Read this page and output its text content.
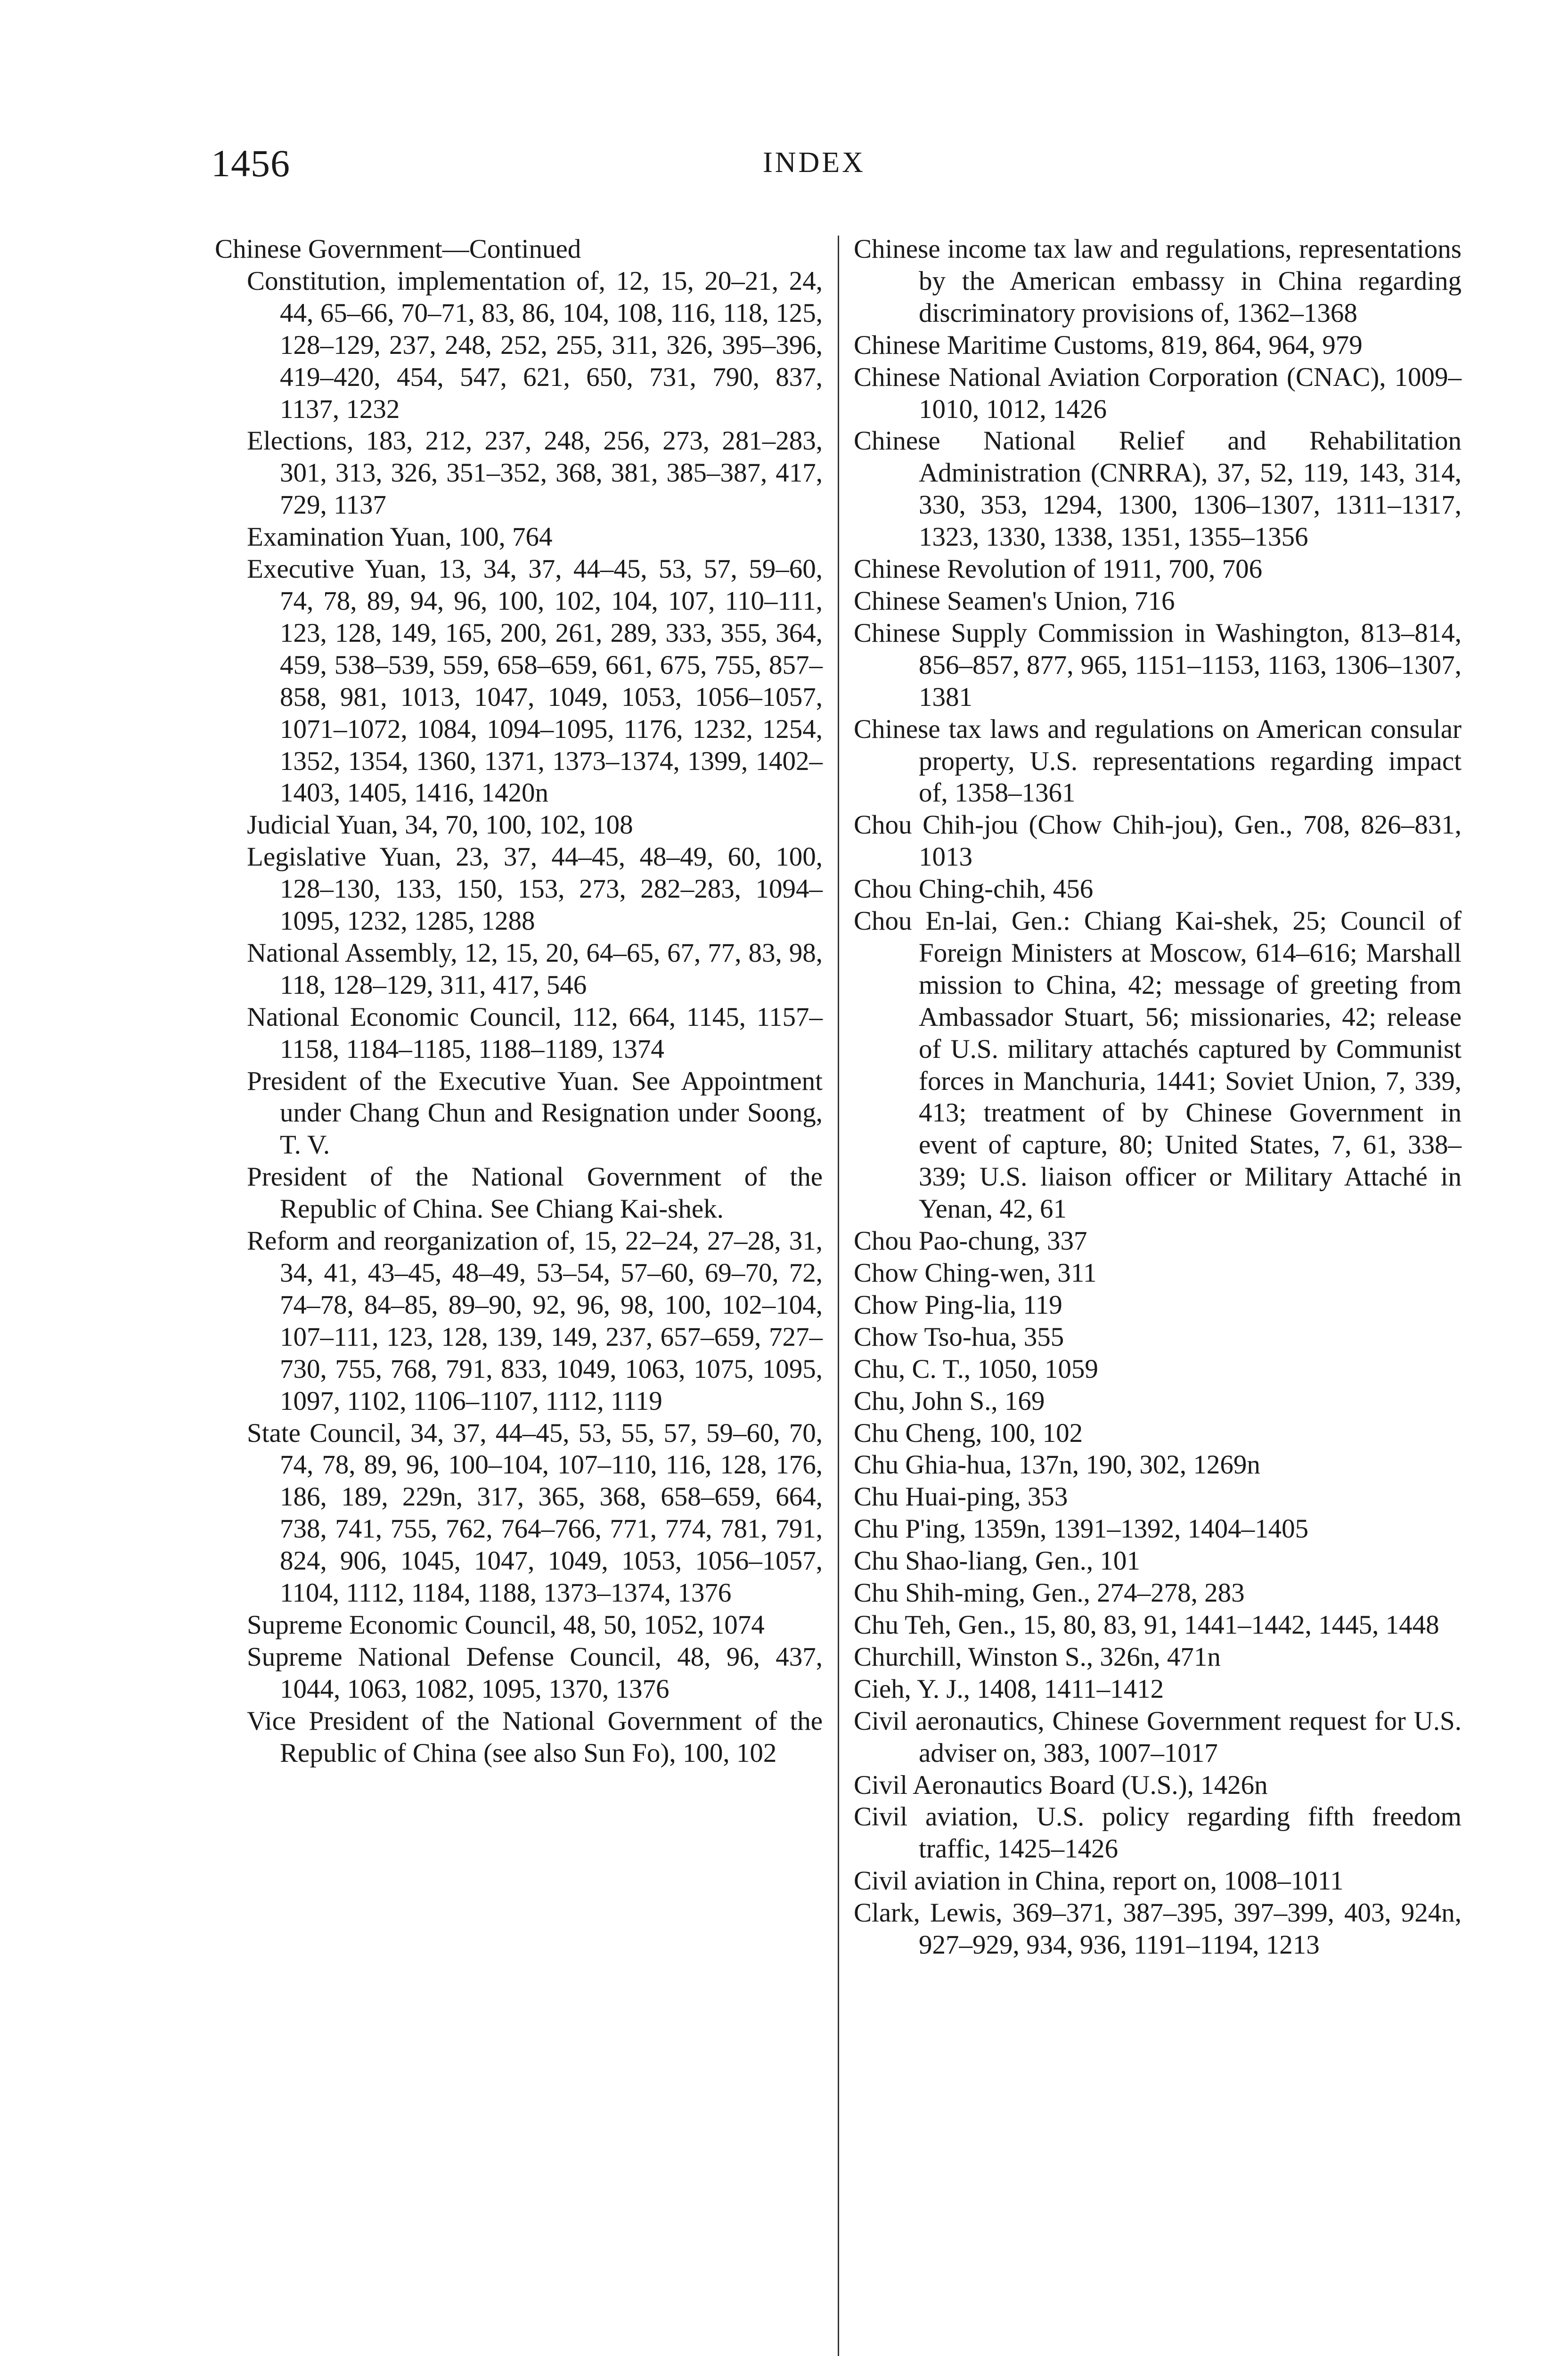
1456	INDEX
Chinese Government—Continued
Constitution, implementation of, 12, 15, 20–21, 24, 44, 65–66, 70–71, 83, 86, 104, 108, 116, 118, 125, 128–129, 237, 248, 252, 255, 311, 326, 395–396, 419–420, 454, 547, 621, 650, 731, 790, 837, 1137, 1232
Elections, 183, 212, 237, 248, 256, 273, 281–283, 301, 313, 326, 351–352, 368, 381, 385–387, 417, 729, 1137
Examination Yuan, 100, 764
Executive Yuan, 13, 34, 37, 44–45, 53, 57, 59–60, 74, 78, 89, 94, 96, 100, 102, 104, 107, 110–111, 123, 128, 149, 165, 200, 261, 289, 333, 355, 364, 459, 538–539, 559, 658–659, 661, 675, 755, 857–858, 981, 1013, 1047, 1049, 1053, 1056–1057, 1071–1072, 1084, 1094–1095, 1176, 1232, 1254, 1352, 1354, 1360, 1371, 1373–1374, 1399, 1402–1403, 1405, 1416, 1420n
Judicial Yuan, 34, 70, 100, 102, 108
Legislative Yuan, 23, 37, 44–45, 48–49, 60, 100, 128–130, 133, 150, 153, 273, 282–283, 1094–1095, 1232, 1285, 1288
National Assembly, 12, 15, 20, 64–65, 67, 77, 83, 98, 118, 128–129, 311, 417, 546
National Economic Council, 112, 664, 1145, 1157–1158, 1184–1185, 1188–1189, 1374
President of the Executive Yuan. See Appointment under Chang Chun and Resignation under Soong, T. V.
President of the National Government of the Republic of China. See Chiang Kai-shek.
Reform and reorganization of, 15, 22–24, 27–28, 31, 34, 41, 43–45, 48–49, 53–54, 57–60, 69–70, 72, 74–78, 84–85, 89–90, 92, 96, 98, 100, 102–104, 107–111, 123, 128, 139, 149, 237, 657–659, 727–730, 755, 768, 791, 833, 1049, 1063, 1075, 1095, 1097, 1102, 1106–1107, 1112, 1119
State Council, 34, 37, 44–45, 53, 55, 57, 59–60, 70, 74, 78, 89, 96, 100–104, 107–110, 116, 128, 176, 186, 189, 229n, 317, 365, 368, 658–659, 664, 738, 741, 755, 762, 764–766, 771, 774, 781, 791, 824, 906, 1045, 1047, 1049, 1053, 1056–1057, 1104, 1112, 1184, 1188, 1373–1374, 1376
Supreme Economic Council, 48, 50, 1052, 1074
Supreme National Defense Council, 48, 96, 437, 1044, 1063, 1082, 1095, 1370, 1376
Vice President of the National Government of the Republic of China (see also Sun Fo), 100, 102
Chinese income tax law and regulations, representations by the American embassy in China regarding discriminatory provisions of, 1362–1368
Chinese Maritime Customs, 819, 864, 964, 979
Chinese National Aviation Corporation (CNAC), 1009–1010, 1012, 1426
Chinese National Relief and Rehabilitation Administration (CNRRA), 37, 52, 119, 143, 314, 330, 353, 1294, 1300, 1306–1307, 1311–1317, 1323, 1330, 1338, 1351, 1355–1356
Chinese Revolution of 1911, 700, 706
Chinese Seamen's Union, 716
Chinese Supply Commission in Washington, 813–814, 856–857, 877, 965, 1151–1153, 1163, 1306–1307, 1381
Chinese tax laws and regulations on American consular property, U.S. representations regarding impact of, 1358–1361
Chou Chih-jou (Chow Chih-jou), Gen., 708, 826–831, 1013
Chou Ching-chih, 456
Chou En-lai, Gen.: Chiang Kai-shek, 25; Council of Foreign Ministers at Moscow, 614–616; Marshall mission to China, 42; message of greeting from Ambassador Stuart, 56; missionaries, 42; release of U.S. military attachés captured by Communist forces in Manchuria, 1441; Soviet Union, 7, 339, 413; treatment of by Chinese Government in event of capture, 80; United States, 7, 61, 338–339; U.S. liaison officer or Military Attaché in Yenan, 42, 61
Chou Pao-chung, 337
Chow Ching-wen, 311
Chow Ping-lia, 119
Chow Tso-hua, 355
Chu, C. T., 1050, 1059
Chu, John S., 169
Chu Cheng, 100, 102
Chu Ghia-hua, 137n, 190, 302, 1269n
Chu Huai-ping, 353
Chu P'ing, 1359n, 1391–1392, 1404–1405
Chu Shao-liang, Gen., 101
Chu Shih-ming, Gen., 274–278, 283
Chu Teh, Gen., 15, 80, 83, 91, 1441–1442, 1445, 1448
Churchill, Winston S., 326n, 471n
Cieh, Y. J., 1408, 1411–1412
Civil aeronautics, Chinese Government request for U.S. adviser on, 383, 1007–1017
Civil Aeronautics Board (U.S.), 1426n
Civil aviation, U.S. policy regarding fifth freedom traffic, 1425–1426
Civil aviation in China, report on, 1008–1011
Clark, Lewis, 369–371, 387–395, 397–399, 403, 924n, 927–929, 934, 936, 1191–1194, 1213
